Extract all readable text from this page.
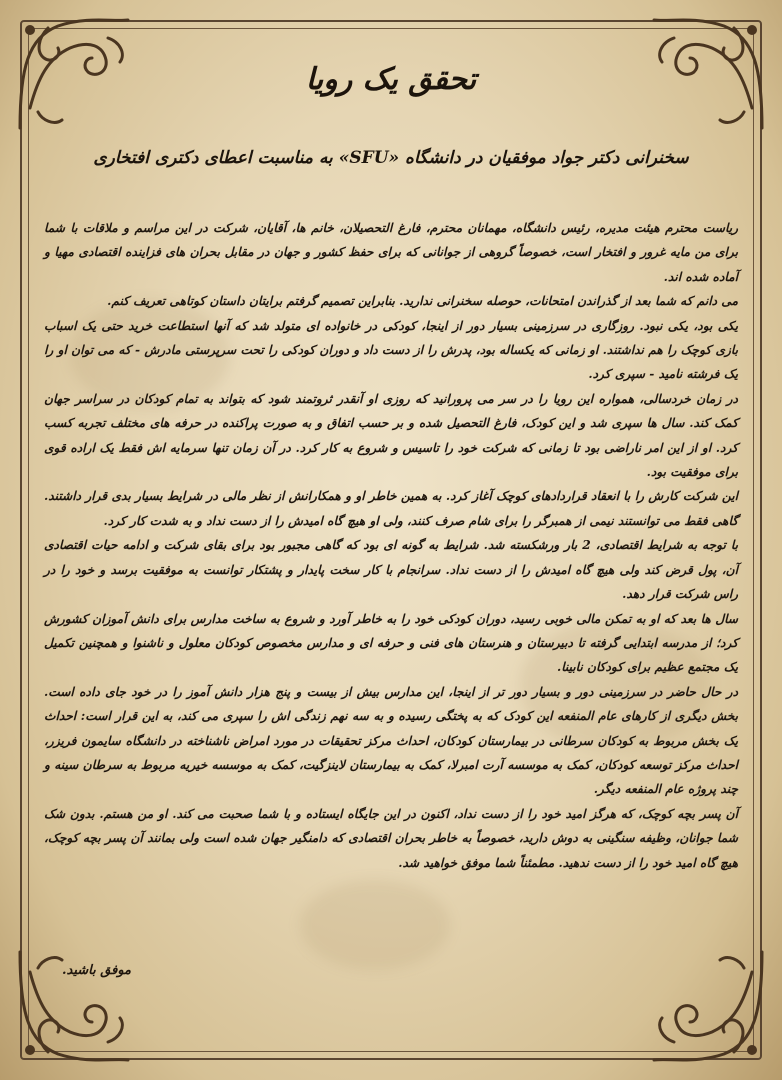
تحقق یک رویا
سخنرانی دکتر جواد موفقیان در دانشگاه «SFU» به مناسبت اعطای دکتری افتخاری

ریاست محترم هیئت مدیره، رئیس دانشگاه، مهمانان محترم، فارغ التحصیلان، خانم ها، آقایان، شرکت در این مراسم و ملاقات با شما برای من مایه غرور و افتخار است، خصوصاً گروهی از جوانانی که برای حفظ کشور و جهان در مقابل بحران های فزاینده اقتصادی مهیا و آماده شده اند.

می دانم که شما بعد از گذراندن امتحانات، حوصله سخنرانی ندارید. بنابراین تصمیم گرفتم برایتان داستان کوتاهی تعریف کنم.

یکی بود، یکی نبود. روزگاری در سرزمینی بسیار دور از اینجا، کودکی در خانواده ای متولد شد که آنها استطاعت خرید حتی یک اسباب بازی کوچک را هم نداشتند. او زمانی که یکساله بود، پدرش را از دست داد و دوران کودکی را تحت سرپرستی مادرش - که می توان او را یک فرشته نامید - سپری کرد.

در زمان خردسالی، همواره این رویا را در سر می پرورانید که روزی او آنقدر ثروتمند شود که بتواند به تمام کودکان در سراسر جهان کمک کند. سال ها سپری شد و این کودک، فارغ التحصیل شده و بر حسب اتفاق و به صورت پراکنده در حرفه های مختلف تجربه کسب کرد. او از این امر ناراضی بود تا زمانی که شرکت خود را تاسیس و شروع به کار کرد. در آن زمان تنها سرمایه اش فقط یک اراده قوی برای موفقیت بود.

این شرکت کارش را با انعقاد قراردادهای کوچک آغاز کرد. به همین خاطر او و همکارانش از نظر مالی در شرایط بسیار بدی قرار داشتند. گاهی فقط می توانستند نیمی از همبرگر را برای شام صرف کنند، ولی او هیچ گاه امیدش را از دست نداد و به شدت کار کرد.

با توجه به شرایط اقتصادی، 2 بار ورشکسته شد. شرایط به گونه ای بود که گاهی مجبور بود برای بقای شرکت و ادامه حیات اقتصادی آن، پول قرض کند ولی هیچ گاه امیدش را از دست نداد. سرانجام با کار سخت پایدار و پشتکار توانست به موفقیت برسد و خود را در راس شرکت قرار دهد.

سال ها بعد که او به تمکن مالی خوبی رسید، دوران کودکی خود را به خاطر آورد و شروع به ساخت مدارس برای دانش آموزان کشورش کرد؛ از مدرسه ابتدایی گرفته تا دبیرستان و هنرستان های فنی و حرفه ای و مدارس مخصوص کودکان معلول و ناشنوا و همچنین تکمیل یک مجتمع عظیم برای کودکان نابینا.

در حال حاضر در سرزمینی دور و بسیار دور تر از اینجا، این مدارس بیش از بیست و پنج هزار دانش آموز را در خود جای داده است. بخش دیگری از کارهای عام المنفعه این کودک که به پختگی رسیده و به سه نهم زندگی اش را سپری می کند، به این قرار است: احداث یک بخش مربوط به کودکان سرطانی در بیمارستان کودکان، احداث مرکز تحقیقات در مورد امراض ناشناخته در دانشگاه سایمون فریزر، احداث مرکز توسعه کودکان، کمک به موسسه آرت امبرلا، کمک به بیمارستان لاینزگیت، کمک به موسسه خیریه مربوط به سرطان سینه و چند پروژه عام المنفعه دیگر.

آن پسر بچه کوچک، که هرگز امید خود را از دست نداد، اکنون در این جایگاه ایستاده و با شما صحبت می کند. او من هستم. بدون شک شما جوانان، وظیفه سنگینی به دوش دارید، خصوصاً به خاطر بحران اقتصادی که دامنگیر جهان شده است ولی بمانند آن پسر بچه کوچک، هیچ گاه امید خود را از دست ندهید. مطمئناً شما موفق خواهید شد.

موفق باشید.
